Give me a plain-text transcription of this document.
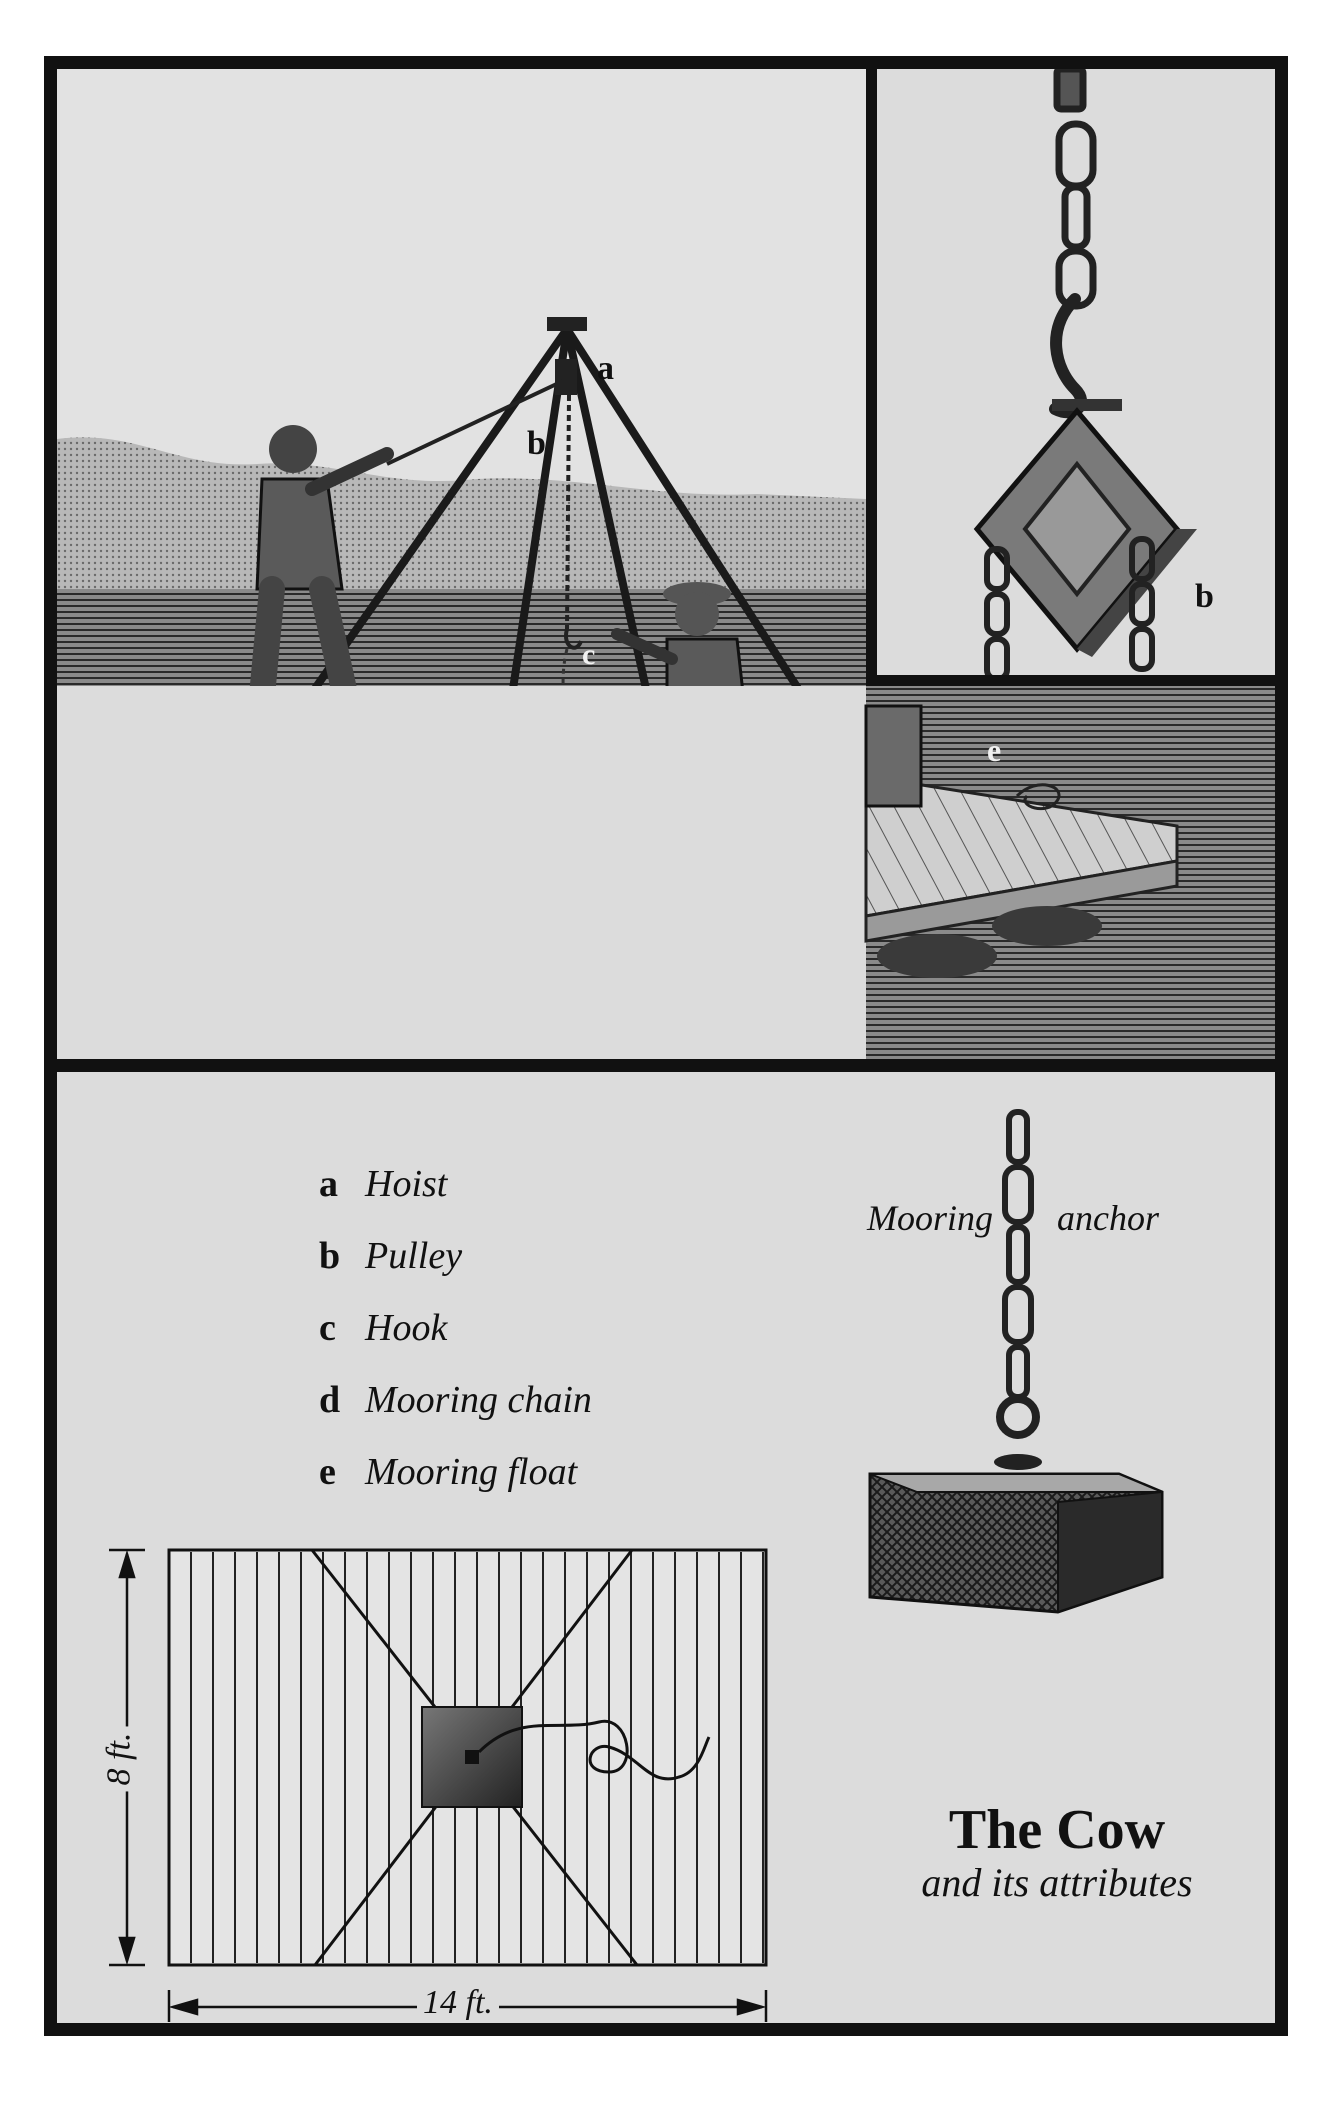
a
b
c
e
b
a Hoist
b Pulley
c Hook
d Mooring chain
e Mooring float
Mooring anchor
8 ft.
14 ft.
The Cow
and its attributes
